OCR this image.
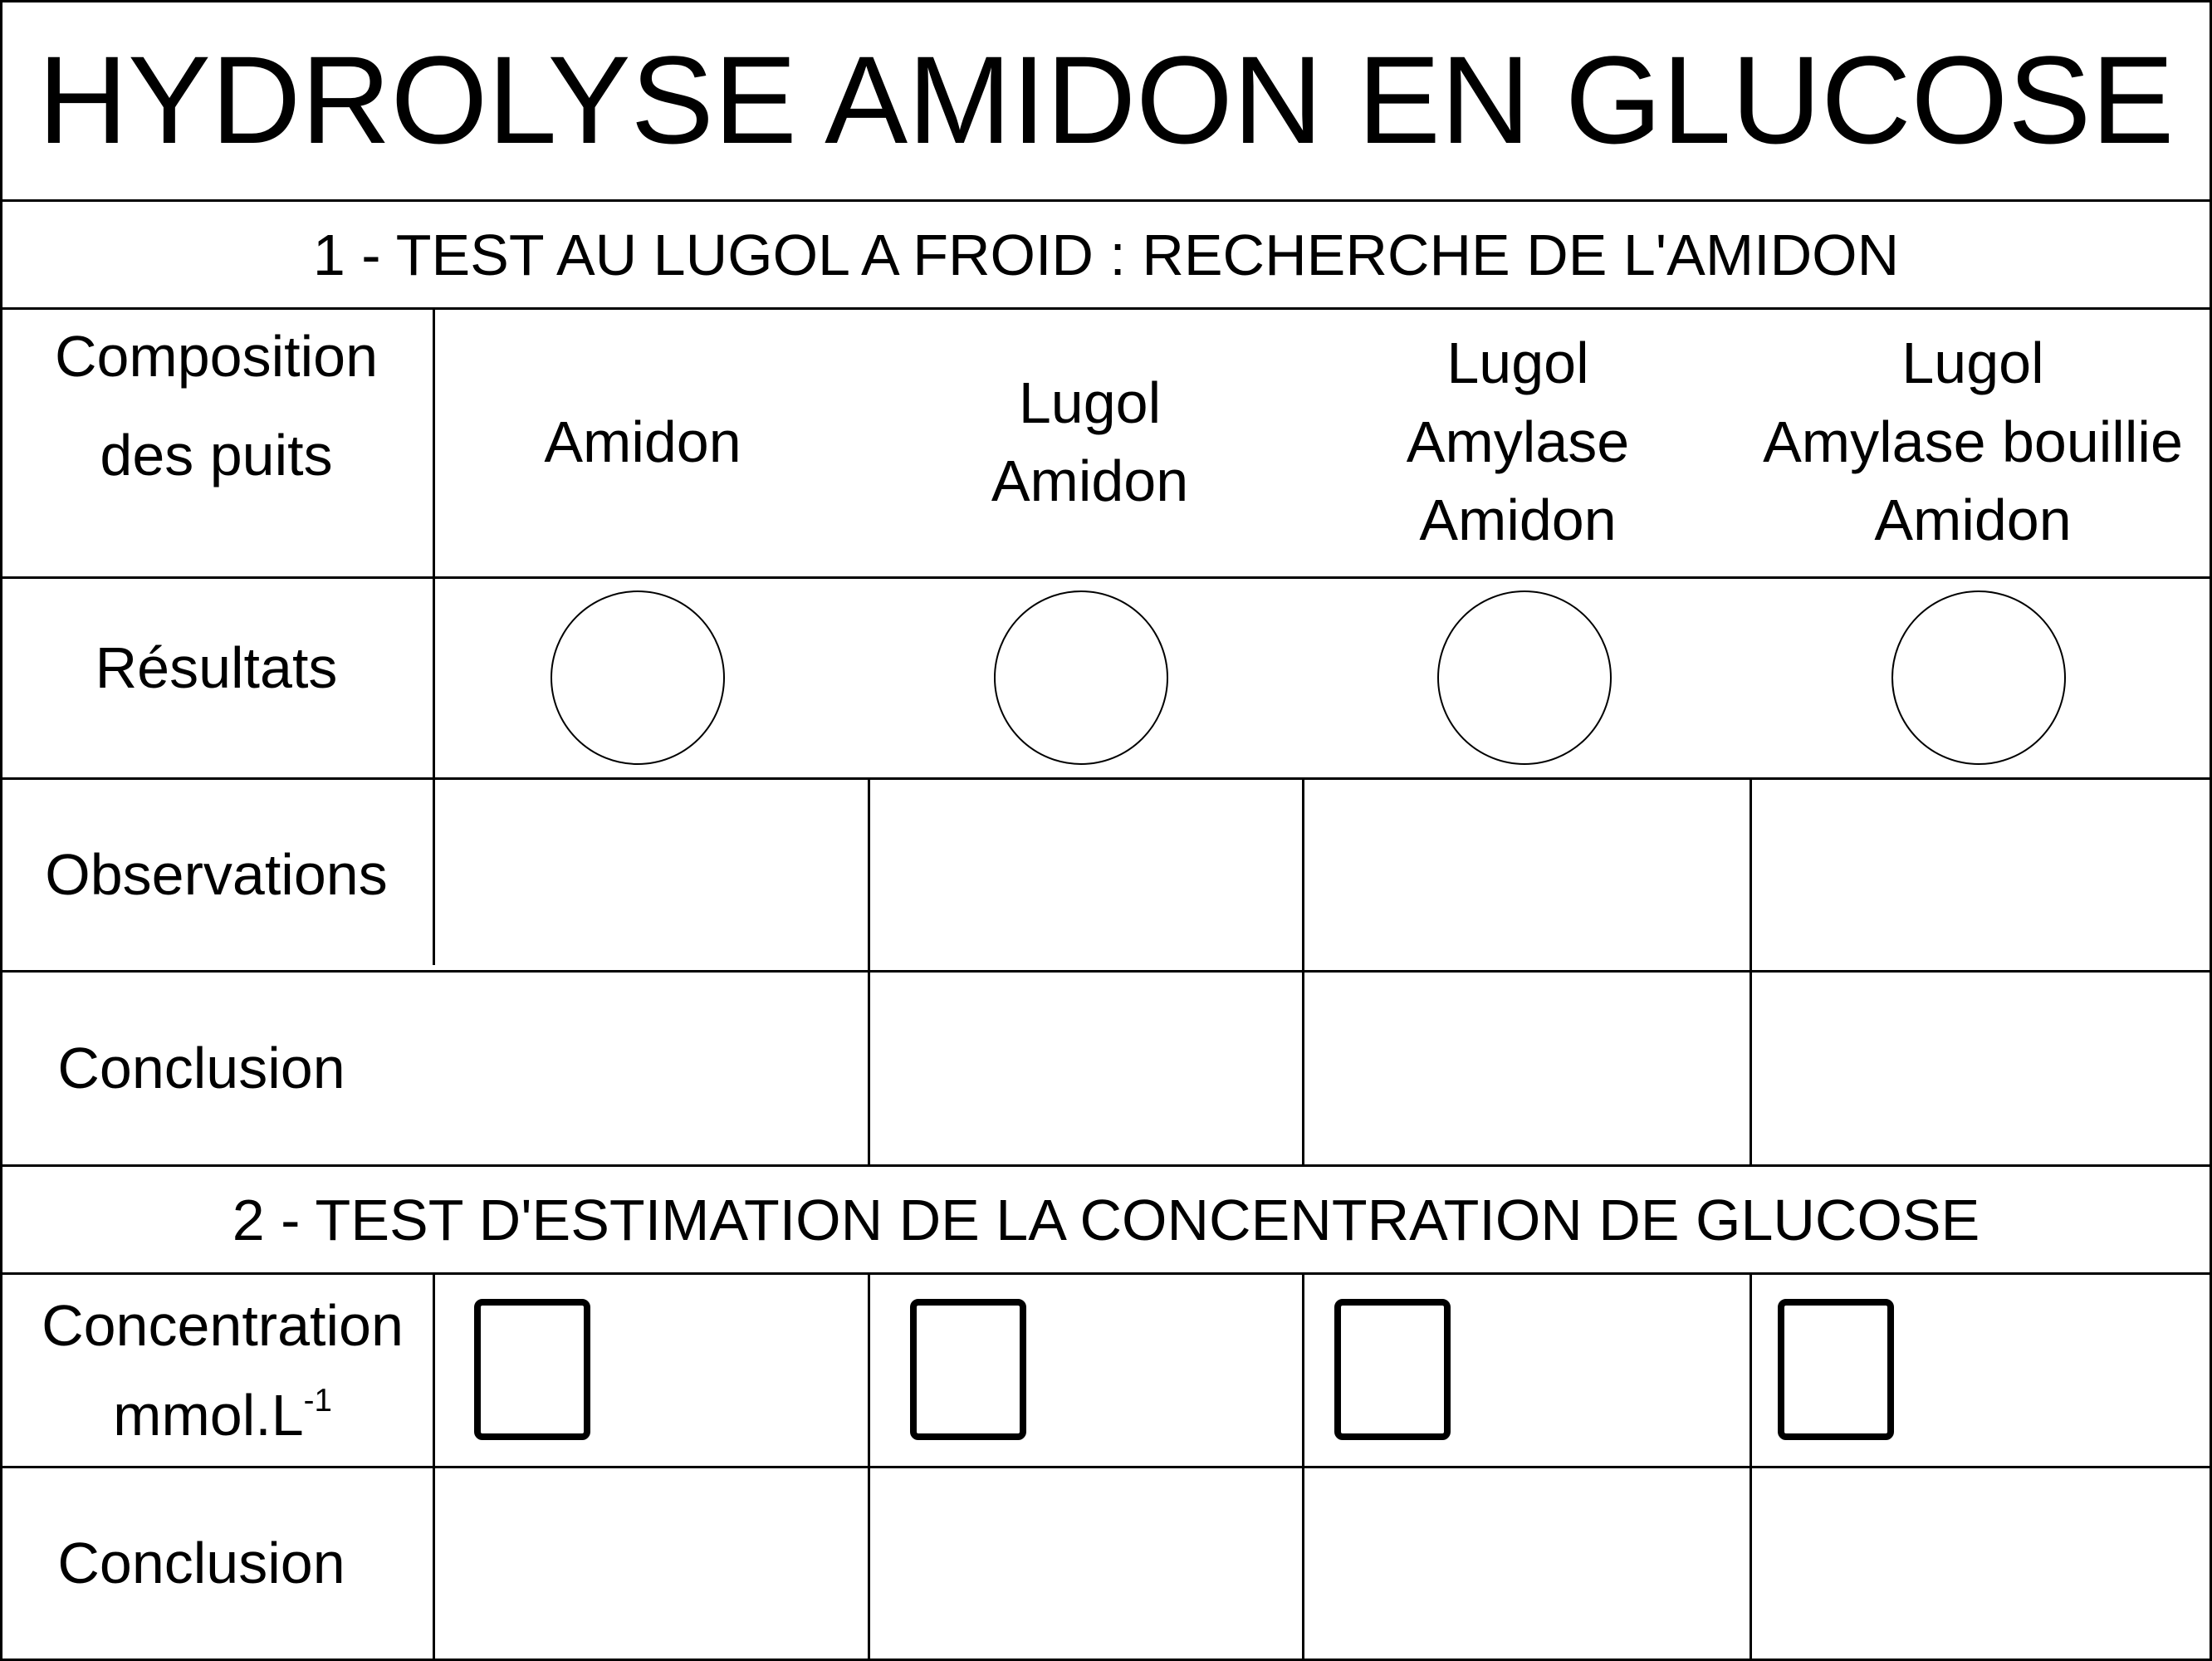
HYDROLYSE AMIDON EN GLUCOSE
1 - TEST AU LUGOL A FROID : RECHERCHE DE L'AMIDON
Composition
des puits	Amidon
Lugol
Amidon
Lugol
Amylase
Amidon
Lugol
Amylase bouillie
Amidon
Résultats
Observations
Conclusion
2 - TEST D'ESTIMATION DE LA CONCENTRATION DE GLUCOSE
Concentration
$mmol.L^{-1}$
Conclusion
